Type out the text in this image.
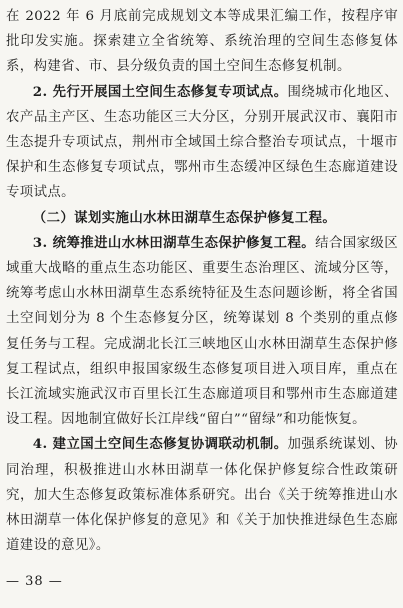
在 2022 年 6 月底前完成规划文本等成果汇编工作，按程序审批印发实施。探索建立全省统筹、系统治理的空间生态修复体系，构建省、市、县分级负责的国土空间生态修复机制。

2. 先行开展国土空间生态修复专项试点。围绕城市化地区、农产品主产区、生态功能区三大分区，分别开展武汉市、襄阳市生态提升专项试点，荆州市全域国土综合整治专项试点，十堰市保护和生态修复专项试点，鄂州市生态缓冲区绿色生态廊道建设专项试点。

（二）谋划实施山水林田湖草生态保护修复工程。

3. 统筹推进山水林田湖草生态保护修复工程。结合国家级区域重大战略的重点生态功能区、重要生态治理区、流域分区等，统筹考虑山水林田湖草生态系统特征及生态问题诊断，将全省国土空间划分为 8 个生态修复分区，统筹谋划 8 个类别的重点修复任务与工程。完成湖北长江三峡地区山水林田湖草生态保护修复工程试点，组织申报国家级生态修复项目进入项目库，重点在长江流域实施武汉市百里长江生态廊道项目和鄂州市生态廊道建设工程。因地制宜做好长江岸线“留白”“留绿”和功能恢复。

4. 建立国土空间生态修复协调联动机制。加强系统谋划、协同治理，积极推进山水林田湖草一体化保护修复综合性政策研究，加大生态修复政策标准体系研究。出台《关于统筹推进山水林田湖草一体化保护修复的意见》和《关于加快推进绿色生态廊道建设的意见》。

— 38 —
